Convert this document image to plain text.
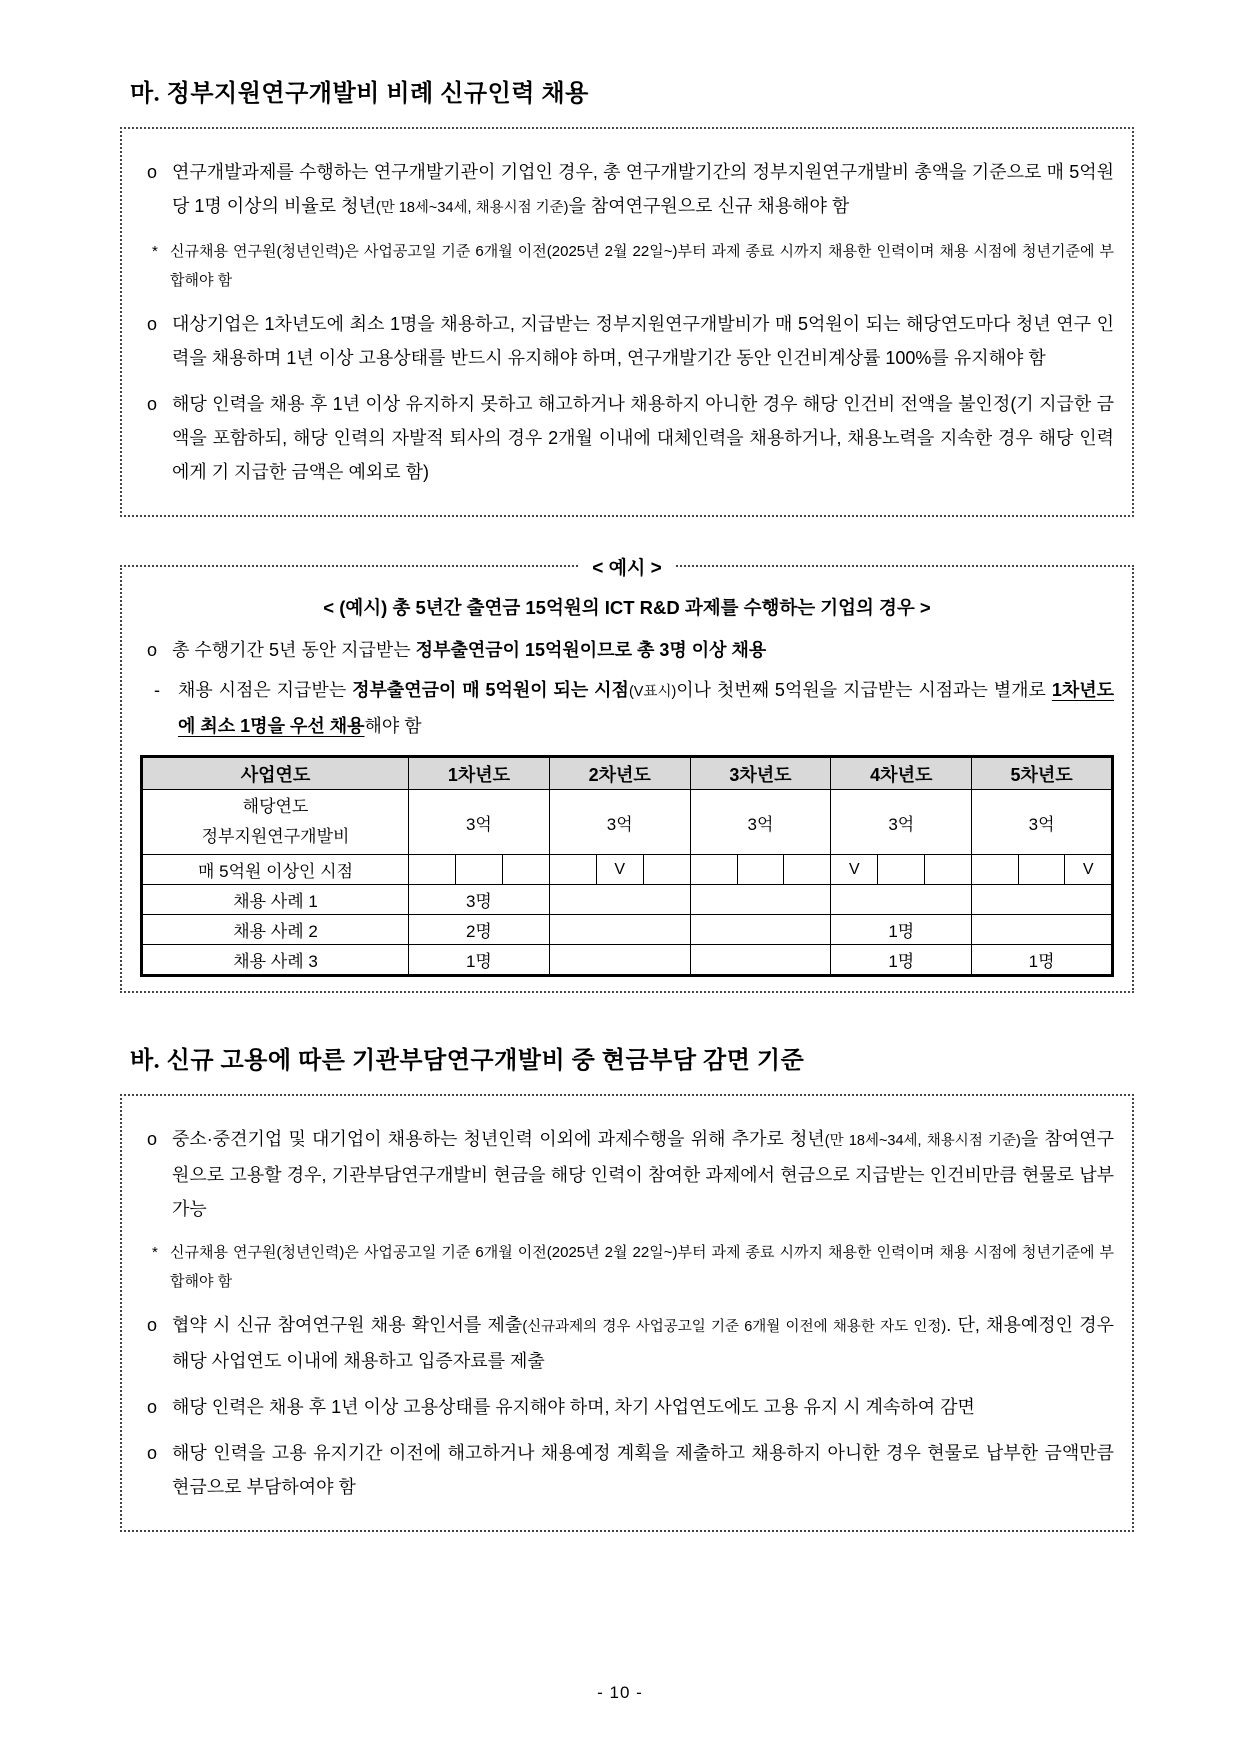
마. 정부지원연구개발비 비례 신규인력 채용
o 연구개발과제를 수행하는 연구개발기관이 기업인 경우, 총 연구개발기간의 정부지원연구개발비 총액을 기준으로 매 5억원 당 1명 이상의 비율로 청년(만 18세~34세, 채용시점 기준)을 참여연구원으로 신규 채용해야 함
* 신규채용 연구원(청년인력)은 사업공고일 기준 6개월 이전(2025년 2월 22일~)부터 과제 종료 시까지 채용한 인력이며 채용 시점에 청년기준에 부합해야 함
o 대상기업은 1차년도에 최소 1명을 채용하고, 지급받는 정부지원연구개발비가 매 5억원이 되는 해당연도마다 청년 연구 인력을 채용하며 1년 이상 고용상태를 반드시 유지해야 하며, 연구개발기간 동안 인건비계상률 100%를 유지해야 함
o 해당 인력을 채용 후 1년 이상 유지하지 못하고 해고하거나 채용하지 아니한 경우 해당 인건비 전액을 불인정(기 지급한 금액을 포함하되, 해당 인력의 자발적 퇴사의 경우 2개월 이내에 대체인력을 채용하거나, 채용노력을 지속한 경우 해당 인력에게 기 지급한 금액은 예외로 함)
< 예시 >
< (예시) 총 5년간 출연금 15억원의 ICT R&D 과제를 수행하는 기업의 경우 >
o 총 수행기간 5년 동안 지급받는 정부출연금이 15억원이므로 총 3명 이상 채용
- 채용 시점은 지급받는 정부출연금이 매 5억원이 되는 시점(V표시)이나 첫번째 5억원을 지급받는 시점과는 별개로 1차년도에 최소 1명을 우선 채용해야 함
사업연도	1차년도	2차년도	3차년도	4차년도	5차년도

해당연도
정부지원연구개발비	3억	3억	3억	3억	3억
매 5억원 이상인 시점		V		V	V

채용 사례 1	3명				
채용 사례 2	2명			1명	
채용 사례 3	1명			1명	1명
바. 신규 고용에 따른 기관부담연구개발비 중 현금부담 감면 기준
o 중소·중견기업 및 대기업이 채용하는 청년인력 이외에 과제수행을 위해 추가로 청년(만 18세~34세, 채용시점 기준)을 참여연구원으로 고용할 경우, 기관부담연구개발비 현금을 해당 인력이 참여한 과제에서 현금으로 지급받는 인건비만큼 현물로 납부 가능
* 신규채용 연구원(청년인력)은 사업공고일 기준 6개월 이전(2025년 2월 22일~)부터 과제 종료 시까지 채용한 인력이며 채용 시점에 청년기준에 부합해야 함
o 협약 시 신규 참여연구원 채용 확인서를 제출(신규과제의 경우 사업공고일 기준 6개월 이전에 채용한 자도 인정). 단, 채용예정인 경우 해당 사업연도 이내에 채용하고 입증자료를 제출
o 해당 인력은 채용 후 1년 이상 고용상태를 유지해야 하며, 차기 사업연도에도 고용 유지 시 계속하여 감면
o 해당 인력을 고용 유지기간 이전에 해고하거나 채용예정 계획을 제출하고 채용하지 아니한 경우 현물로 납부한 금액만큼 현금으로 부담하여야 함
- 10 -
